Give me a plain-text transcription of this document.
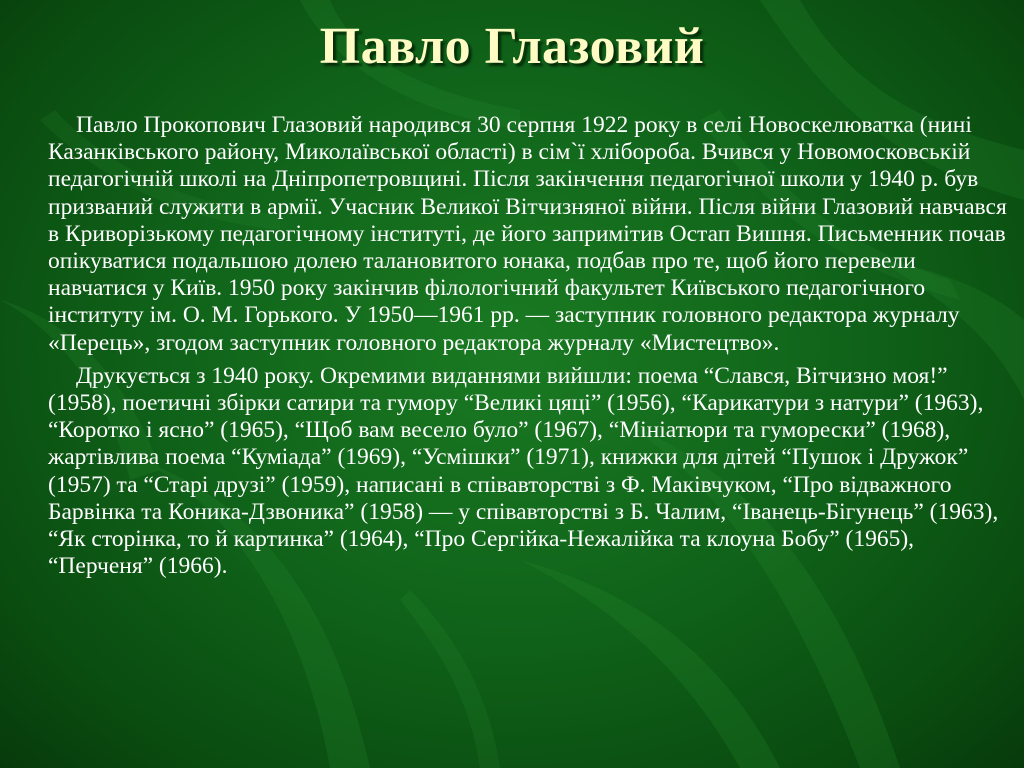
Павло Глазовий

Павло Прокопович Глазовий народився 30 серпня 1922 року в селі Новоскелюватка (нині Казанківського району, Миколаївської області) в сім`ї хлібороба. Вчився у Новомосковській педагогічній школі на Дніпропетровщині. Після закінчення педагогічної школи у 1940 р. був призваний служити в армії. Учасник Великої Вітчизняної війни. Після війни Глазовий навчався в Криворізькому педагогічному інституті, де його запримітив Остап Вишня. Письменник почав опікуватися подальшою долею талановитого юнака, подбав про те, щоб його перевели навчатися у Київ. 1950 року закінчив філологічний факультет Київського педагогічного інституту ім. О. М. Горького. У 1950—1961 рр. — заступник головного редактора журналу «Перець», згодом заступник головного редактора журналу «Мистецтво».

Друкується з 1940 року. Окремими виданнями вийшли: поема “Слався, Вітчизно моя!” (1958), поетичні збірки сатири та гумору “Великі цяці” (1956), “Карикатури з натури” (1963), “Коротко і ясно” (1965), “Щоб вам весело було” (1967), “Мініатюри та гуморески” (1968), жартівлива поема “Куміада” (1969), “Усмішки” (1971), книжки для дітей “Пушок і Дружок” (1957) та “Старі друзі” (1959), написані в співавторстві з Ф. Маківчуком, “Про відважного Барвінка та Коника-Дзвоника” (1958) — у співавторстві з Б. Чалим, “Іванець-Бігунець” (1963), “Як сторінка, то й картинка” (1964), “Про Сергійка-Нежалійка та клоуна Бобу” (1965), “Перченя” (1966).
